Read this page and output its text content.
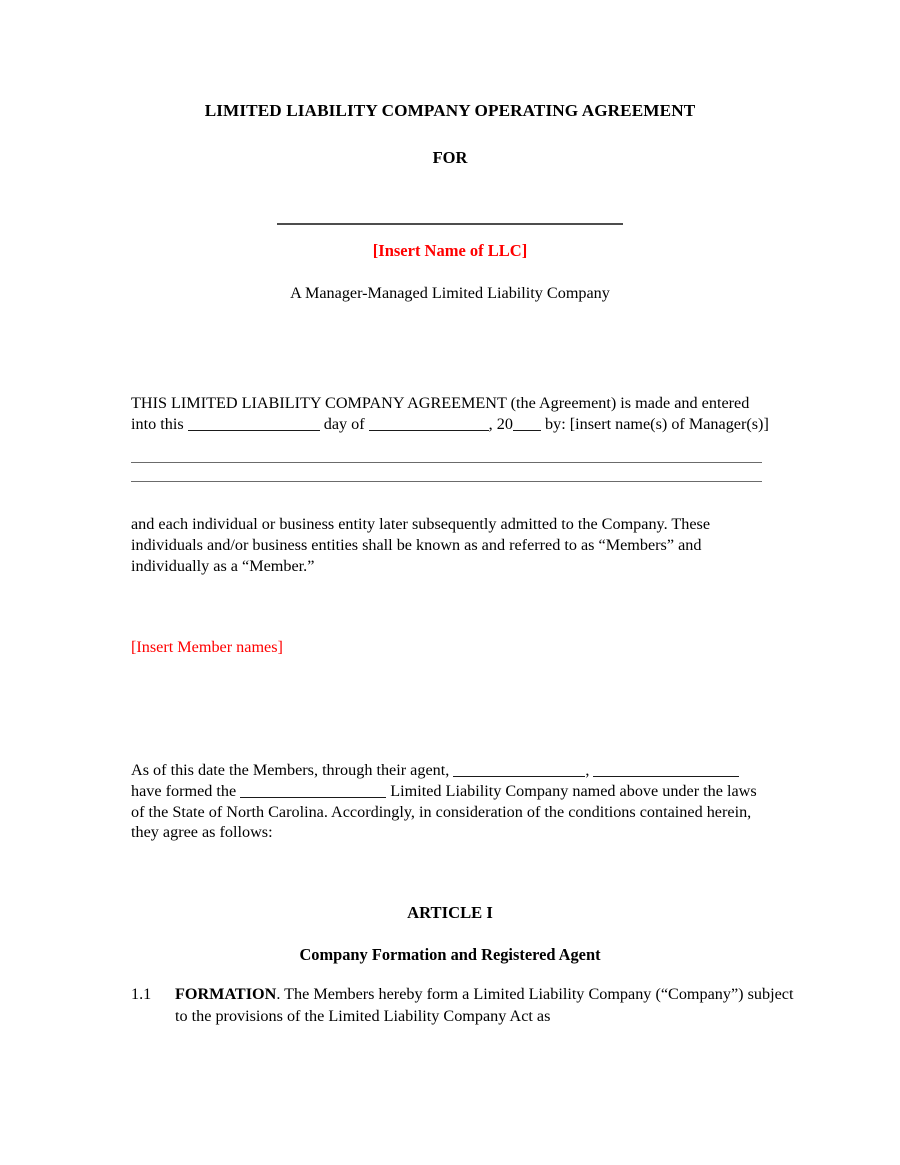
LIMITED LIABILITY COMPANY OPERATING AGREEMENT
FOR
[Insert Name of LLC]
A Manager-Managed Limited Liability Company

THIS LIMITED LIABILITY COMPANY AGREEMENT (the Agreement) is made and entered into this	day of	, 20 by: [insert name(s) of Manager(s)]

and each individual or business entity later subsequently admitted to the Company. These individuals and/or business entities shall be known as and referred to as “Members” and individually as a “Member.”

[Insert Member names]

As of this date the Members, through their agent,	,  have formed the	Limited Liability Company named above under the laws of the State of North Carolina. Accordingly, in consideration of the conditions contained herein, they agree as follows:

ARTICLE I
Company Formation and Registered Agent
1.1 FORMATION. The Members hereby form a Limited Liability Company (“Company”) subject to the provisions of the Limited Liability Company Act as
